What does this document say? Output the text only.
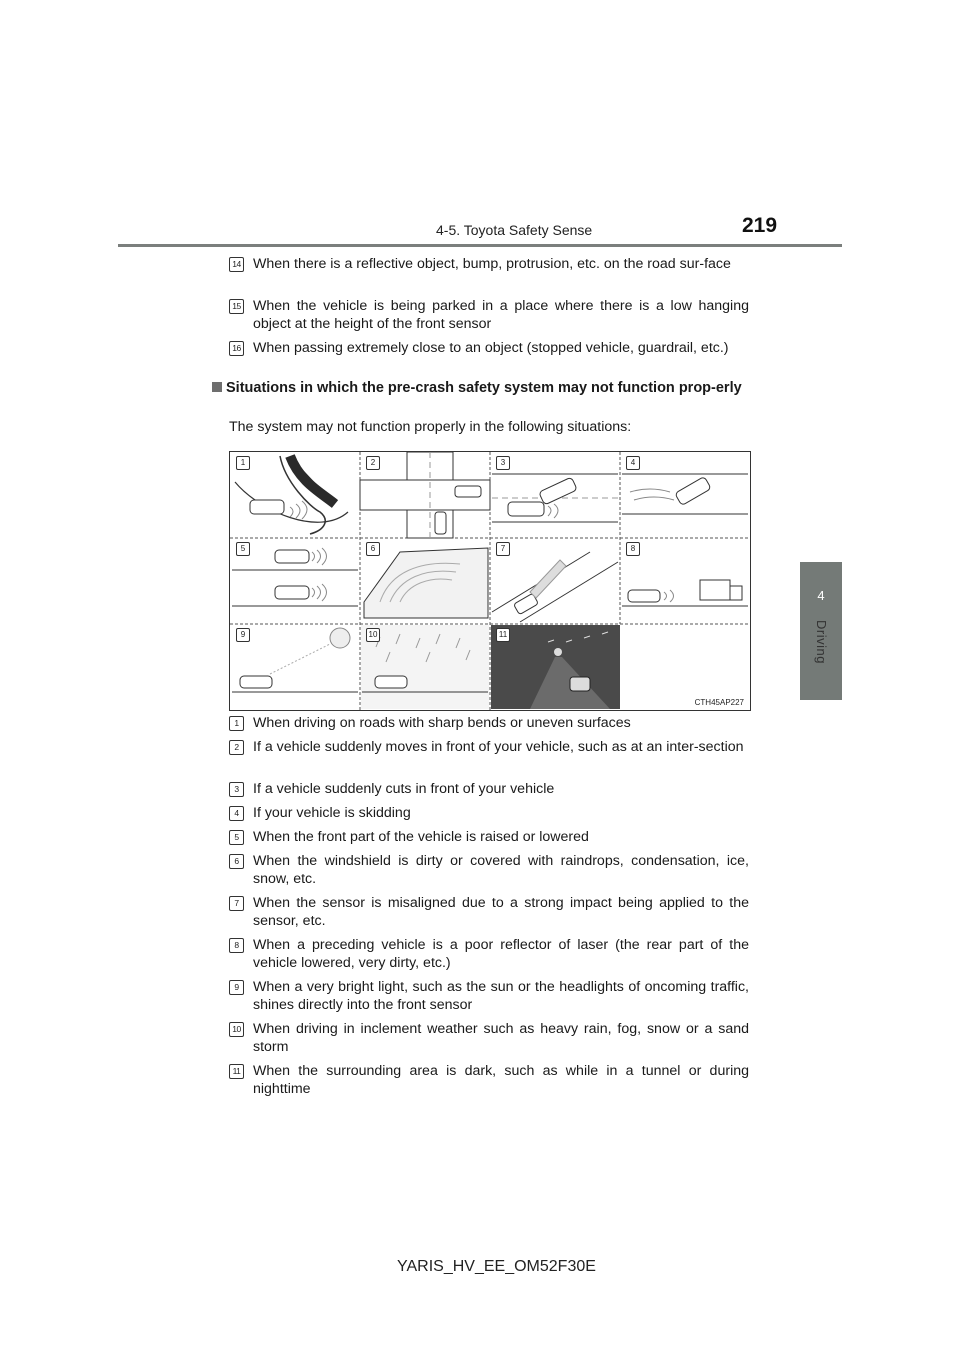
4-5. Toyota Safety Sense	219
4
Driving
14 When there is a reflective object, bump, protrusion, etc. on the road sur-face
15 When the vehicle is being parked in a place where there is a low hanging object at the height of the front sensor
16 When passing extremely close to an object (stopped vehicle, guardrail, etc.)
Situations in which the pre-crash safety system may not function prop-erly
The system may not function properly in the following situations:
1	2	3	4
5	6	7	8
9	10	11
CTH45AP227
1	When driving on roads with sharp bends or uneven surfaces
2	If a vehicle suddenly moves in front of your vehicle, such as at an inter-section
3	If a vehicle suddenly cuts in front of your vehicle
4	If your vehicle is skidding
5	When the front part of the vehicle is raised or lowered
6	When the windshield is dirty or covered with raindrops, condensation, ice, snow, etc.
7	When the sensor is misaligned due to a strong impact being applied to the sensor, etc.
8	When a preceding vehicle is a poor reflector of laser (the rear part of the vehicle lowered, very dirty, etc.)
9	When a very bright light, such as the sun or the headlights of oncoming traffic, shines directly into the front sensor
10 When driving in inclement weather such as heavy rain, fog, snow or a sand storm
11 When the surrounding area is dark, such as while in a tunnel or during nighttime
YARIS_HV_EE_OM52F30E
